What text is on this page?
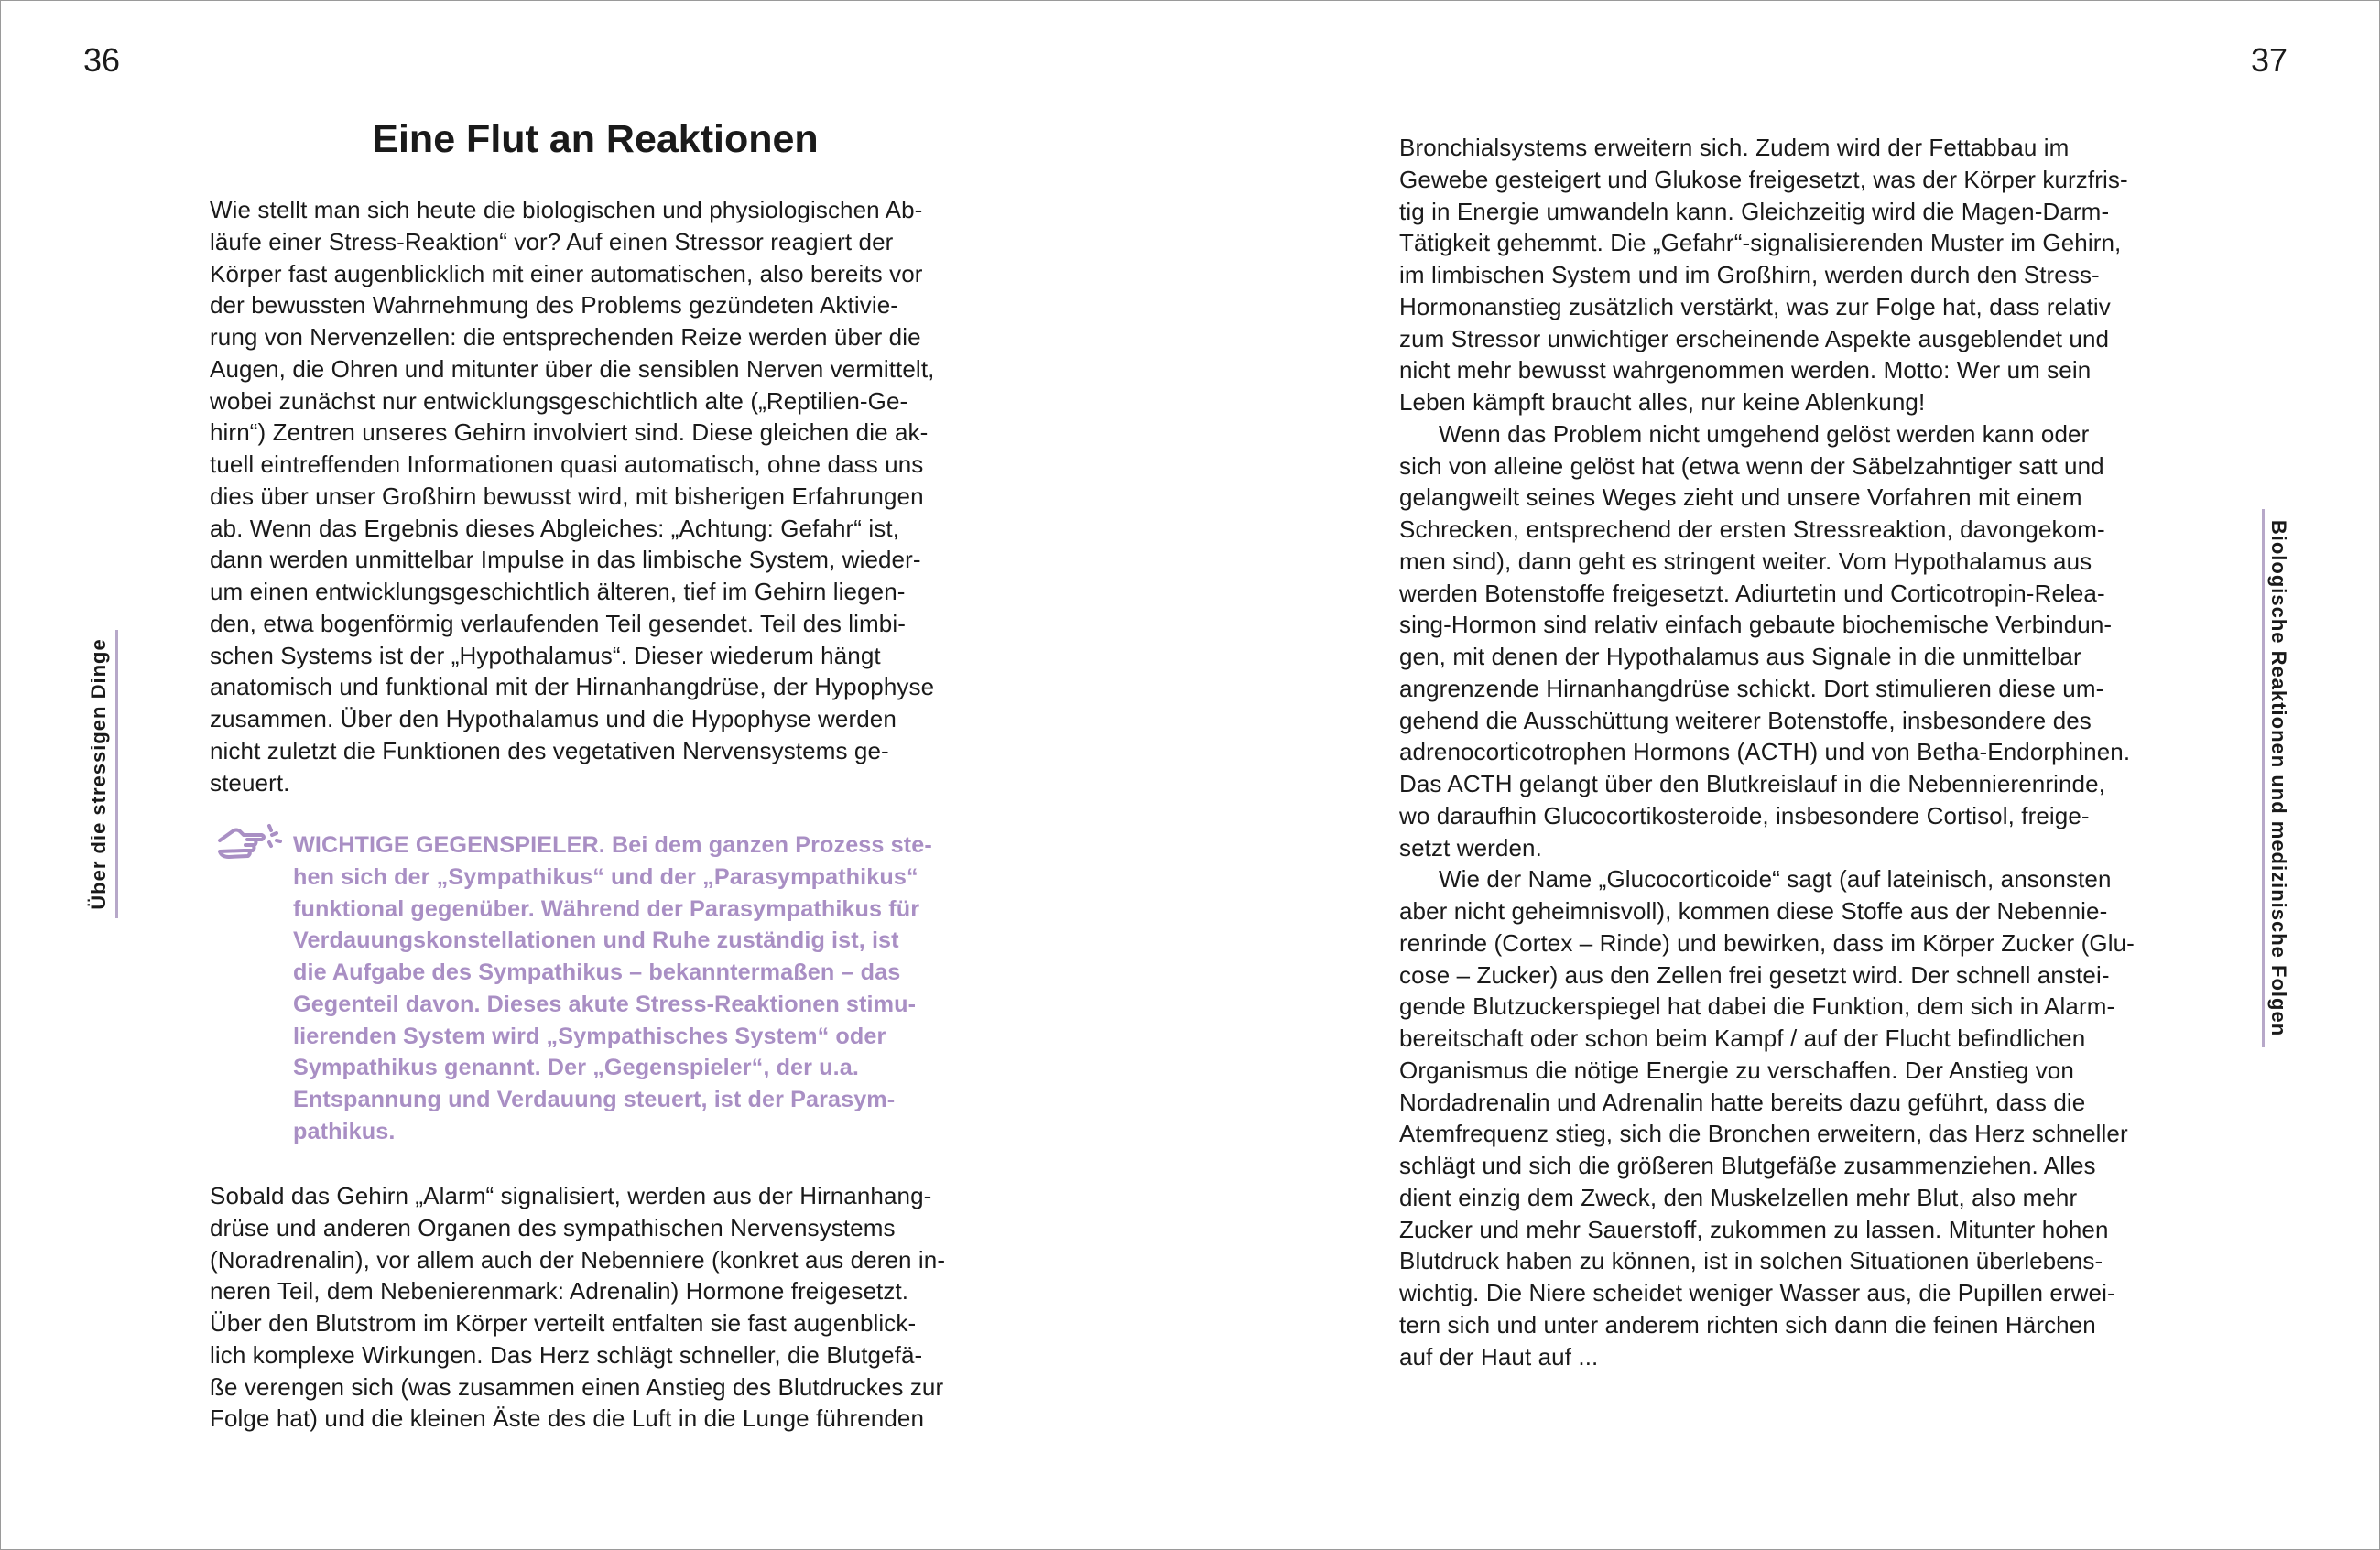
36	37
Über die stressigen Dinge	Biologische Reaktionen und medizinische Folgen
Eine Flut an Reaktionen
Wie stellt man sich heute die biologischen und physiologischen Ab-
läufe einer Stress-Reaktion“ vor? Auf einen Stressor reagiert der
Körper fast augenblicklich mit einer automatischen, also bereits vor
der bewussten Wahrnehmung des Problems gezündeten Aktivie-
rung von Nervenzellen: die entsprechenden Reize werden über die
Augen, die Ohren und mitunter über die sensiblen Nerven vermittelt,
wobei zunächst nur entwicklungsgeschichtlich alte („Reptilien-Ge-
hirn“) Zentren unseres Gehirn involviert sind. Diese gleichen die ak-
tuell eintreffenden Informationen quasi automatisch, ohne dass uns
dies über unser Großhirn bewusst wird, mit bisherigen Erfahrungen
ab. Wenn das Ergebnis dieses Abgleiches: „Achtung: Gefahr“ ist,
dann werden unmittelbar Impulse in das limbische System, wieder-
um einen entwicklungsgeschichtlich älteren, tief im Gehirn liegen-
den, etwa bogenförmig verlaufenden Teil gesendet. Teil des limbi-
schen Systems ist der „Hypothalamus“. Dieser wiederum hängt
anatomisch und funktional mit der Hirnanhangdrüse, der Hypophyse
zusammen. Über den Hypothalamus und die Hypophyse werden
nicht zuletzt die Funktionen des vegetativen Nervensystems ge-
steuert.
WICHTIGE GEGENSPIELER. Bei dem ganzen Prozess ste-
hen sich der „Sympathikus“ und der „Parasympathikus“
funktional gegenüber. Während der Parasympathikus für
Verdauungskonstellationen und Ruhe zuständig ist, ist
die Aufgabe des Sympathikus – bekanntermaßen – das
Gegenteil davon. Dieses akute Stress-Reaktionen stimu-
lierenden System wird „Sympathisches System“ oder
Sympathikus genannt. Der „Gegenspieler“, der u.a.
Entspannung und Verdauung steuert, ist der Parasym-
pathikus.
Sobald das Gehirn „Alarm“ signalisiert, werden aus der Hirnanhang-
drüse und anderen Organen des sympathischen Nervensystems
(Noradrenalin), vor allem auch der Nebenniere (konkret aus deren in-
neren Teil, dem Nebenierenmark: Adrenalin) Hormone freigesetzt.
Über den Blutstrom im Körper verteilt entfalten sie fast augenblick-
lich komplexe Wirkungen. Das Herz schlägt schneller, die Blutgefä-
ße verengen sich (was zusammen einen Anstieg des Blutdruckes zur
Folge hat) und die kleinen Äste des die Luft in die Lunge führenden
Bronchialsystems erweitern sich. Zudem wird der Fettabbau im
Gewebe gesteigert und Glukose freigesetzt, was der Körper kurzfris-
tig in Energie umwandeln kann. Gleichzeitig wird die Magen-Darm-
Tätigkeit gehemmt. Die „Gefahr“-signalisierenden Muster im Gehirn,
im limbischen System und im Großhirn, werden durch den Stress-
Hormonanstieg zusätzlich verstärkt, was zur Folge hat, dass relativ
zum Stressor unwichtiger erscheinende Aspekte ausgeblendet und
nicht mehr bewusst wahrgenommen werden. Motto: Wer um sein
Leben kämpft braucht alles, nur keine Ablenkung!
Wenn das Problem nicht umgehend gelöst werden kann oder
sich von alleine gelöst hat (etwa wenn der Säbelzahntiger satt und
gelangweilt seines Weges zieht und unsere Vorfahren mit einem
Schrecken, entsprechend der ersten Stressreaktion, davongekom-
men sind), dann geht es stringent weiter. Vom Hypothalamus aus
werden Botenstoffe freigesetzt. Adiurtetin und Corticotropin-Relea-
sing-Hormon sind relativ einfach gebaute biochemische Verbindun-
gen, mit denen der Hypothalamus aus Signale in die unmittelbar
angrenzende Hirnanhangdrüse schickt. Dort stimulieren diese um-
gehend die Ausschüttung weiterer Botenstoffe, insbesondere des
adrenocorticotrophen Hormons (ACTH) und von Betha-Endorphinen.
Das ACTH gelangt über den Blutkreislauf in die Nebennierenrinde,
wo daraufhin Glucocortikosteroide, insbesondere Cortisol, freige-
setzt werden.
Wie der Name „Glucocorticoide“ sagt (auf lateinisch, ansonsten
aber nicht geheimnisvoll), kommen diese Stoffe aus der Nebennie-
renrinde (Cortex – Rinde) und bewirken, dass im Körper Zucker (Glu-
cose – Zucker) aus den Zellen frei gesetzt wird. Der schnell anstei-
gende Blutzuckerspiegel hat dabei die Funktion, dem sich in Alarm-
bereitschaft oder schon beim Kampf / auf der Flucht befindlichen
Organismus die nötige Energie zu verschaffen. Der Anstieg von
Nordadrenalin und Adrenalin hatte bereits dazu geführt, dass die
Atemfrequenz stieg, sich die Bronchen erweitern, das Herz schneller
schlägt und sich die größeren Blutgefäße zusammenziehen. Alles
dient einzig dem Zweck, den Muskelzellen mehr Blut, also mehr
Zucker und mehr Sauerstoff, zukommen zu lassen. Mitunter hohen
Blutdruck haben zu können, ist in solchen Situationen überlebens-
wichtig. Die Niere scheidet weniger Wasser aus, die Pupillen erwei-
tern sich und unter anderem richten sich dann die feinen Härchen
auf der Haut auf ...
